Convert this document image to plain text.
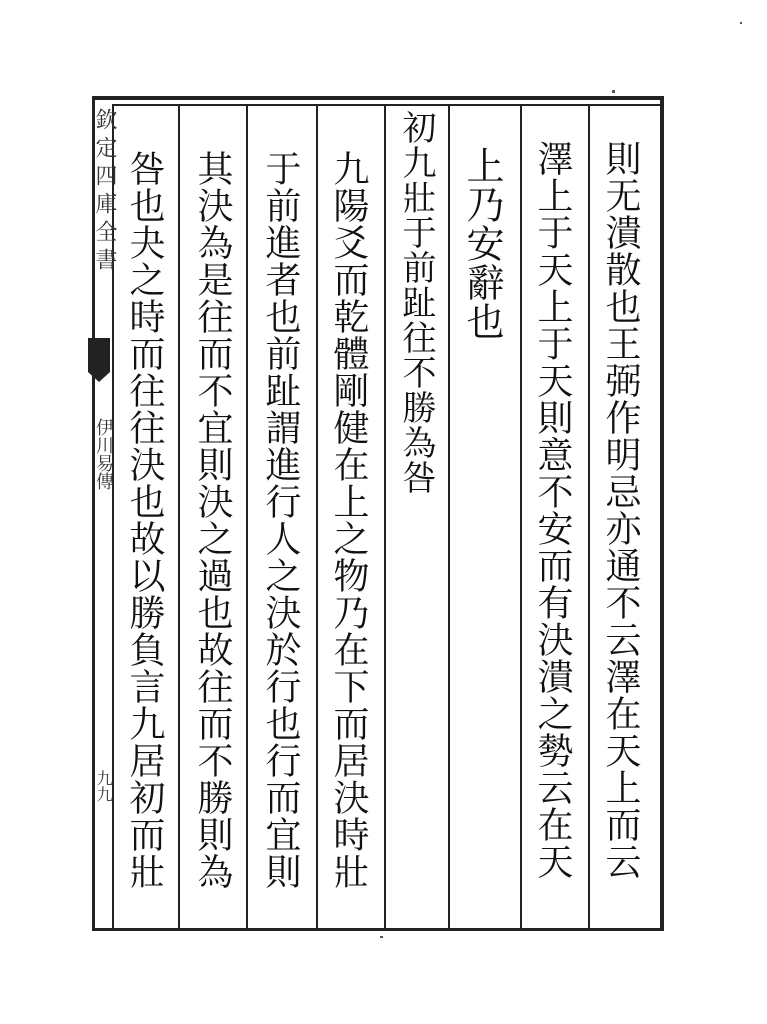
欽定四庫全書
伊川易傳
九九	則无潰散也王弼作明忌亦通不云澤在天上而云
澤上于天上于天則意不安而有決潰之勢云在天
上乃安辭也
初九壯于前趾往不勝為咎
九陽爻而乾體剛健在上之物乃在下而居決時壯
于前進者也前趾謂進行人之決於行也行而宜則
其決為是往而不宜則決之過也故往而不勝則為
咎也夬之時而往往決也故以勝負言九居初而壯
